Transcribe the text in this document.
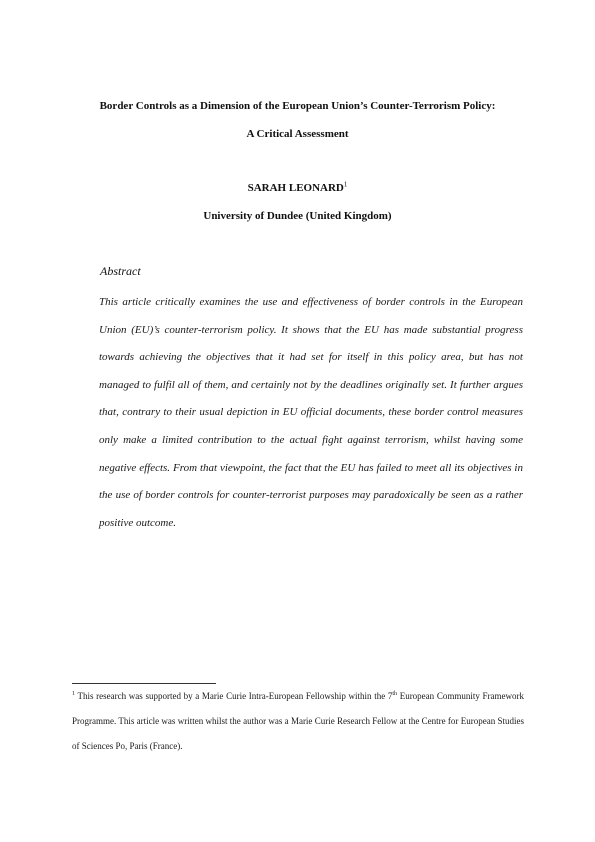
Border Controls as a Dimension of the European Union’s Counter-Terrorism Policy:
A Critical Assessment
SARAH LEONARD$^1$
University of Dundee (United Kingdom)
Abstract
This article critically examines the use and effectiveness of border controls in the European Union (EU)’s counter-terrorism policy. It shows that the EU has made substantial progress towards achieving the objectives that it had set for itself in this policy area, but has not managed to fulfil all of them, and certainly not by the deadlines originally set. It further argues that, contrary to their usual depiction in EU official documents, these border control measures only make a limited contribution to the actual fight against terrorism, whilst having some negative effects. From that viewpoint, the fact that the EU has failed to meet all its objectives in the use of border controls for counter-terrorist purposes may paradoxically be seen as a rather positive outcome.
$^1$ This research was supported by a Marie Curie Intra-European Fellowship within the 7th European Community Framework Programme. This article was written whilst the author was a Marie Curie Research Fellow at the Centre for European Studies of Sciences Po, Paris (France).
